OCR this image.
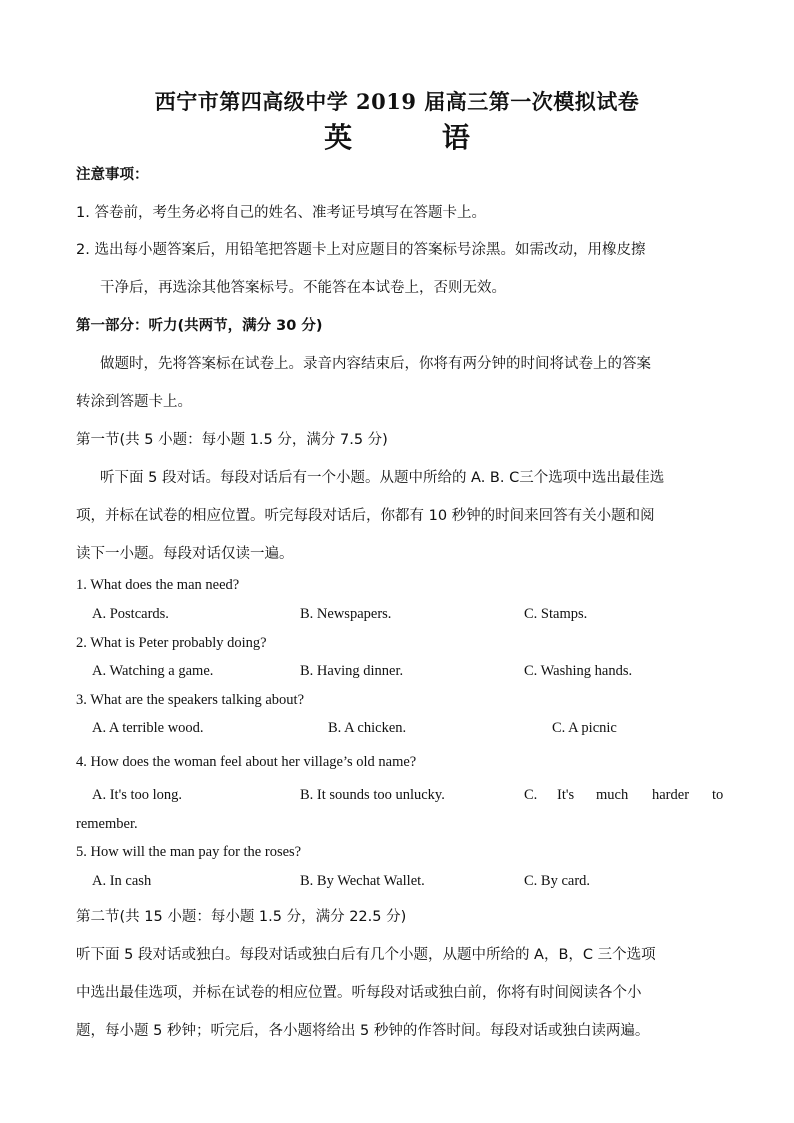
西宁市第四高级中学 2019 届高三第一次模拟试卷
英 语
注意事项：
1. 答卷前，考生务必将自己的姓名、准考证号填写在答题卡上。
2. 选出每小题答案后，用铅笔把答题卡上对应题目的答案标号涂黑。如需改动，用橡皮擦
干净后，再选涂其他答案标号。不能答在本试卷上，否则无效。
第一部分：听力(共两节，满分 30 分)
做题时，先将答案标在试卷上。录音内容结束后，你将有两分钟的时间将试卷上的答案
转涂到答题卡上。
第一节(共 5 小题：每小题 1.5 分，满分 7.5 分)
听下面 5 段对话。每段对话后有一个小题。从题中所给的 A. B. C三个选项中选出最佳选
项，并标在试卷的相应位置。听完每段对话后，你都有 10 秒钟的时间来回答有关小题和阅
读下一小题。每段对话仅读一遍。
1. What does the man need?
A. Postcards.	B. Newspapers.	C. Stamps.
2. What is Peter probably doing?
A. Watching a game.	B. Having dinner.	C. Washing hands.
3. What are the speakers talking about?
A. A terrible wood.	B. A chicken.	C. A picnic
4. How does the woman feel about her village’s old name?
A. It's too long.	B. It sounds too unlucky.	C. It's much harder to
remember.
5. How will the man pay for the roses?
A. In cash	B. By Wechat Wallet.	C. By card.
第二节(共 15 小题：每小题 1.5 分，满分 22.5 分)
听下面 5 段对话或独白。每段对话或独白后有几个小题，从题中所给的 A，B，C 三个选项
中选出最佳选项，并标在试卷的相应位置。听每段对话或独白前，你将有时间阅读各个小
题，每小题 5 秒钟；听完后，各小题将给出 5 秒钟的作答时间。每段对话或独白读两遍。
